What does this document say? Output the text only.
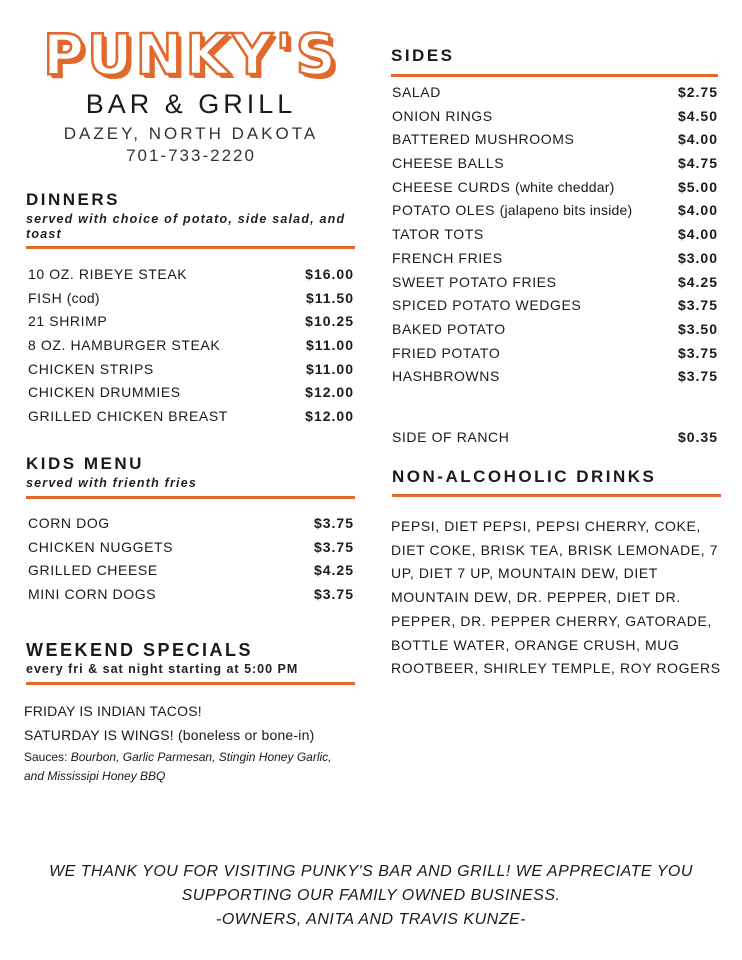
PUNKY'S
BAR & GRILL
DAZEY, NORTH DAKOTA
701-733-2220
DINNERS
served with choice of potato, side salad, and toast
10 OZ. RIBEYE STEAK	$16.00
FISH (cod)	$11.50
21 SHRIMP	$10.25
8 OZ. HAMBURGER STEAK	$11.00
CHICKEN STRIPS	$11.00
CHICKEN DRUMMIES	$12.00
GRILLED CHICKEN BREAST	$12.00
KIDS MENU
served with frienth fries
CORN DOG	$3.75
CHICKEN NUGGETS	$3.75
GRILLED CHEESE	$4.25
MINI CORN DOGS	$3.75
WEEKEND SPECIALS
every fri & sat night starting at 5:00 PM
FRIDAY IS INDIAN TACOS!
SATURDAY IS WINGS! (boneless or bone-in)
Sauces: Bourbon, Garlic Parmesan, Stingin Honey Garlic, and Mississipi Honey BBQ
SIDES
SALAD	$2.75
ONION RINGS	$4.50
BATTERED MUSHROOMS	$4.00
CHEESE BALLS	$4.75
CHEESE CURDS (white cheddar)	$5.00
POTATO OLES (jalapeno bits inside)	$4.00
TATOR TOTS	$4.00
FRENCH FRIES	$3.00
SWEET POTATO FRIES	$4.25
SPICED POTATO WEDGES	$3.75
BAKED POTATO	$3.50
FRIED POTATO	$3.75
HASHBROWNS	$3.75
SIDE OF RANCH	$0.35
NON-ALCOHOLIC DRINKS
PEPSI, DIET PEPSI, PEPSI CHERRY, COKE, DIET COKE, BRISK TEA, BRISK LEMONADE, 7 UP, DIET 7 UP, MOUNTAIN DEW, DIET MOUNTAIN DEW, DR. PEPPER, DIET DR. PEPPER, DR. PEPPER CHERRY, GATORADE, BOTTLE WATER, ORANGE CRUSH, MUG ROOTBEER, SHIRLEY TEMPLE, ROY ROGERS
WE THANK YOU FOR VISITING PUNKY'S BAR AND GRILL! WE APPRECIATE YOU
SUPPORTING OUR FAMILY OWNED BUSINESS.
-OWNERS, ANITA AND TRAVIS KUNZE-
